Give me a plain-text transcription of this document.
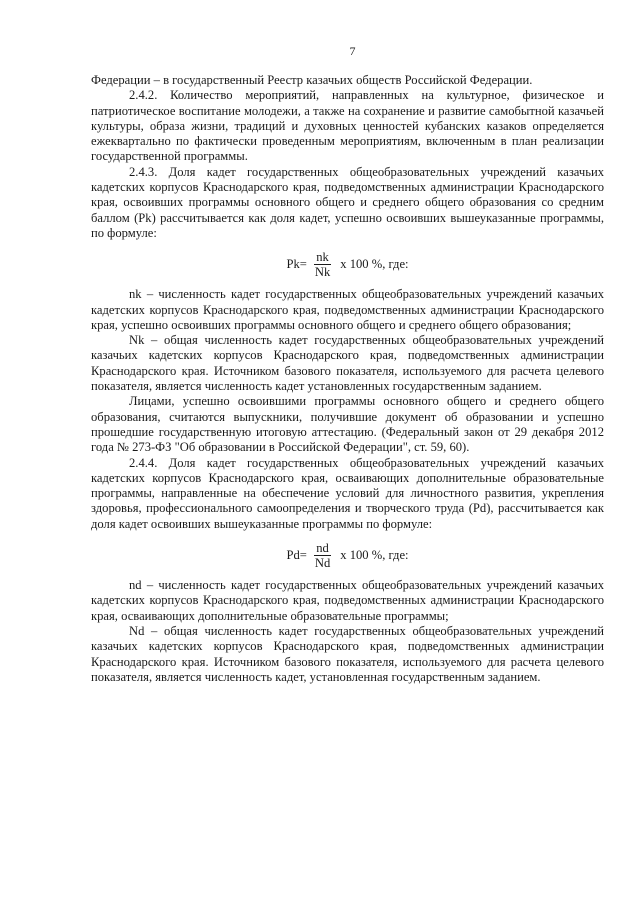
7

Федерации – в государственный Реестр казачьих обществ Российской Федерации.

2.4.2. Количество мероприятий, направленных на культурное, физическое и патриотическое воспитание молодежи, а также на сохранение и развитие самобытной казачьей культуры, образа жизни, традиций и духовных ценностей кубанских казаков определяется ежеквартально по фактически проведенным мероприятиям, включенным в план реализации государственной программы.

2.4.3. Доля кадет государственных общеобразовательных учреждений казачьих кадетских корпусов Краснодарского края, подведомственных администрации Краснодарского края, освоивших программы основного общего и среднего общего образования со средним баллом (Pk) рассчитывается как доля кадет, успешно освоивших вышеуказанные программы, по формуле:

$Pk= \frac{nk}{Nk}$ x 100 %, где:

nk – численность кадет государственных общеобразовательных учреждений казачьих кадетских корпусов Краснодарского края, подведомственных администрации Краснодарского края, успешно освоивших программы основного общего и среднего общего образования;

Nk – общая численность кадет государственных общеобразовательных учреждений казачьих кадетских корпусов Краснодарского края, подведомственных администрации Краснодарского края. Источником базового показателя, используемого для расчета целевого показателя, является численность кадет установленных государственным заданием.

Лицами, успешно освоившими программы основного общего и среднего общего образования, считаются выпускники, получившие документ об образовании и успешно прошедшие государственную итоговую аттестацию. (Федеральный закон от 29 декабря 2012 года № 273-ФЗ "Об образовании в Российской Федерации", ст. 59, 60).

2.4.4. Доля кадет государственных общеобразовательных учреждений казачьих кадетских корпусов Краснодарского края, осваивающих дополнительные образовательные программы, направленные на обеспечение условий для личностного развития, укрепления здоровья, профессионального самоопределения и творческого труда (Pd), рассчитывается как доля кадет освоивших вышеуказанные программы по формуле:

$Pd= \frac{nd}{Nd}$ x 100 %, где:

nd – численность кадет государственных общеобразовательных учреждений казачьих кадетских корпусов Краснодарского края, подведомственных администрации Краснодарского края, осваивающих дополнительные образовательные программы;

Nd – общая численность кадет государственных общеобразовательных учреждений казачьих кадетских корпусов Краснодарского края, подведомственных администрации Краснодарского края. Источником базового показателя, используемого для расчета целевого показателя, является численность кадет, установленная государственным заданием.
